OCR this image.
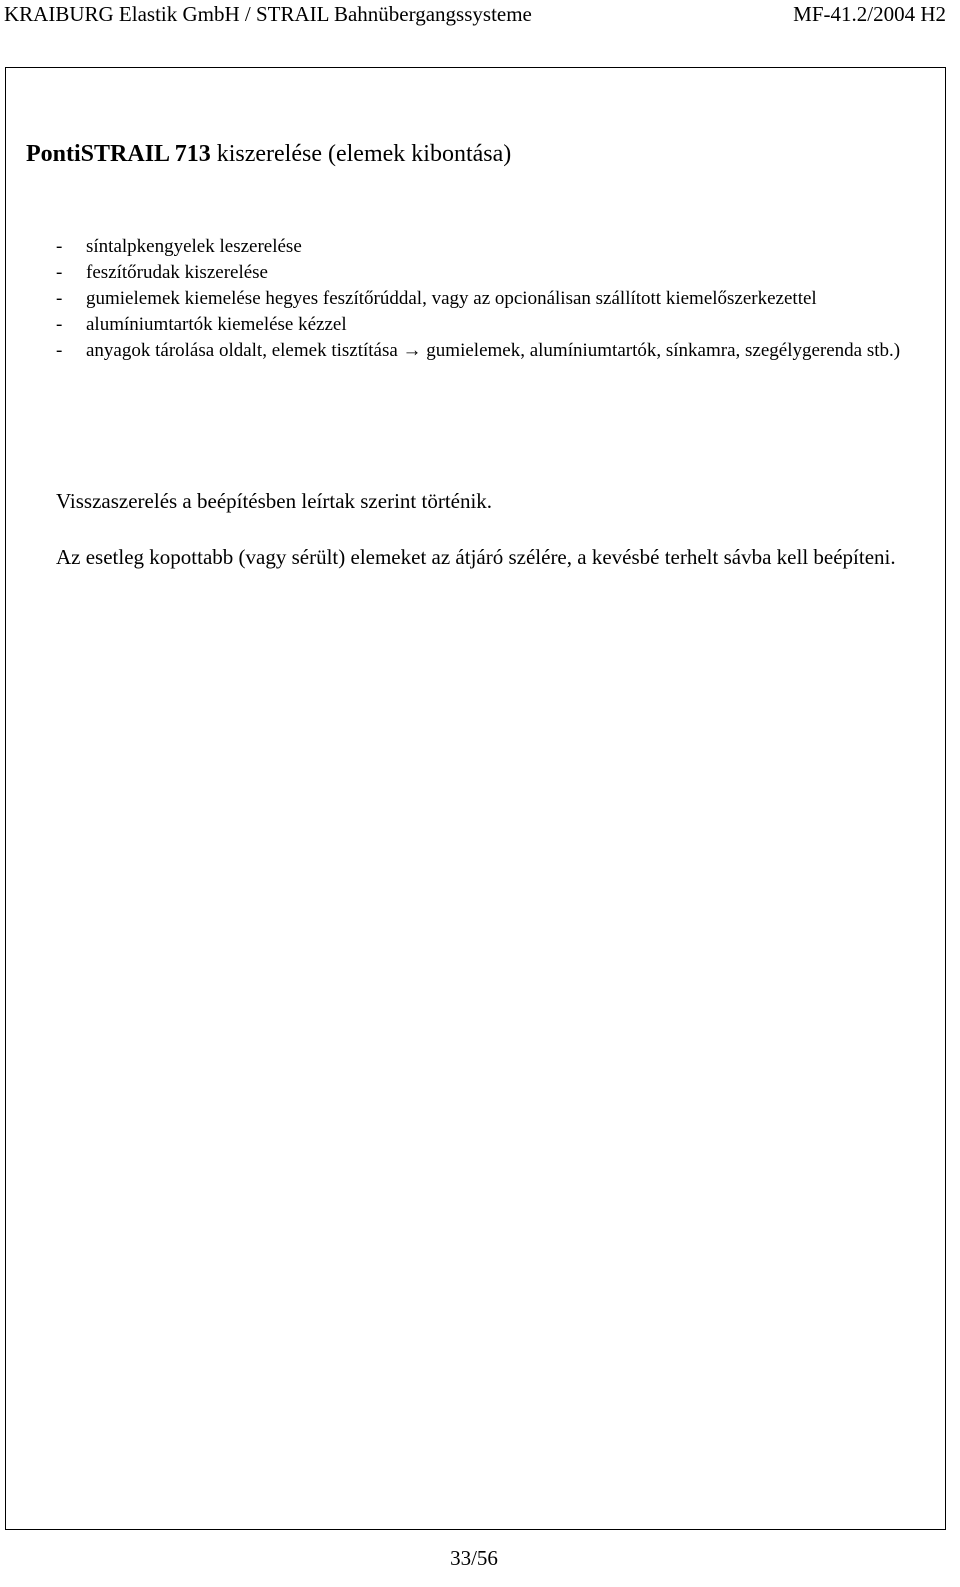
KRAIBURG Elastik GmbH / STRAIL Bahnübergangssysteme	MF-41.2/2004 H2
PontiSTRAIL 713 kiszerelése (elemek kibontása)
- síntalpkengyelek leszerelése
- feszítőrudak kiszerelése
- gumielemek kiemelése hegyes feszítőrúddal, vagy az opcionálisan szállított kiemelőszerkezettel
- alumíniumtartók kiemelése kézzel
- anyagok tárolása oldalt, elemek tisztítása → gumielemek, alumíniumtartók, sínkamra, szegélygerenda stb.)

Visszaszerelés a beépítésben leírtak szerint történik.

Az esetleg kopottabb (vagy sérült) elemeket az átjáró szélére, a kevésbé terhelt sávba kell beépíteni.

33/56
